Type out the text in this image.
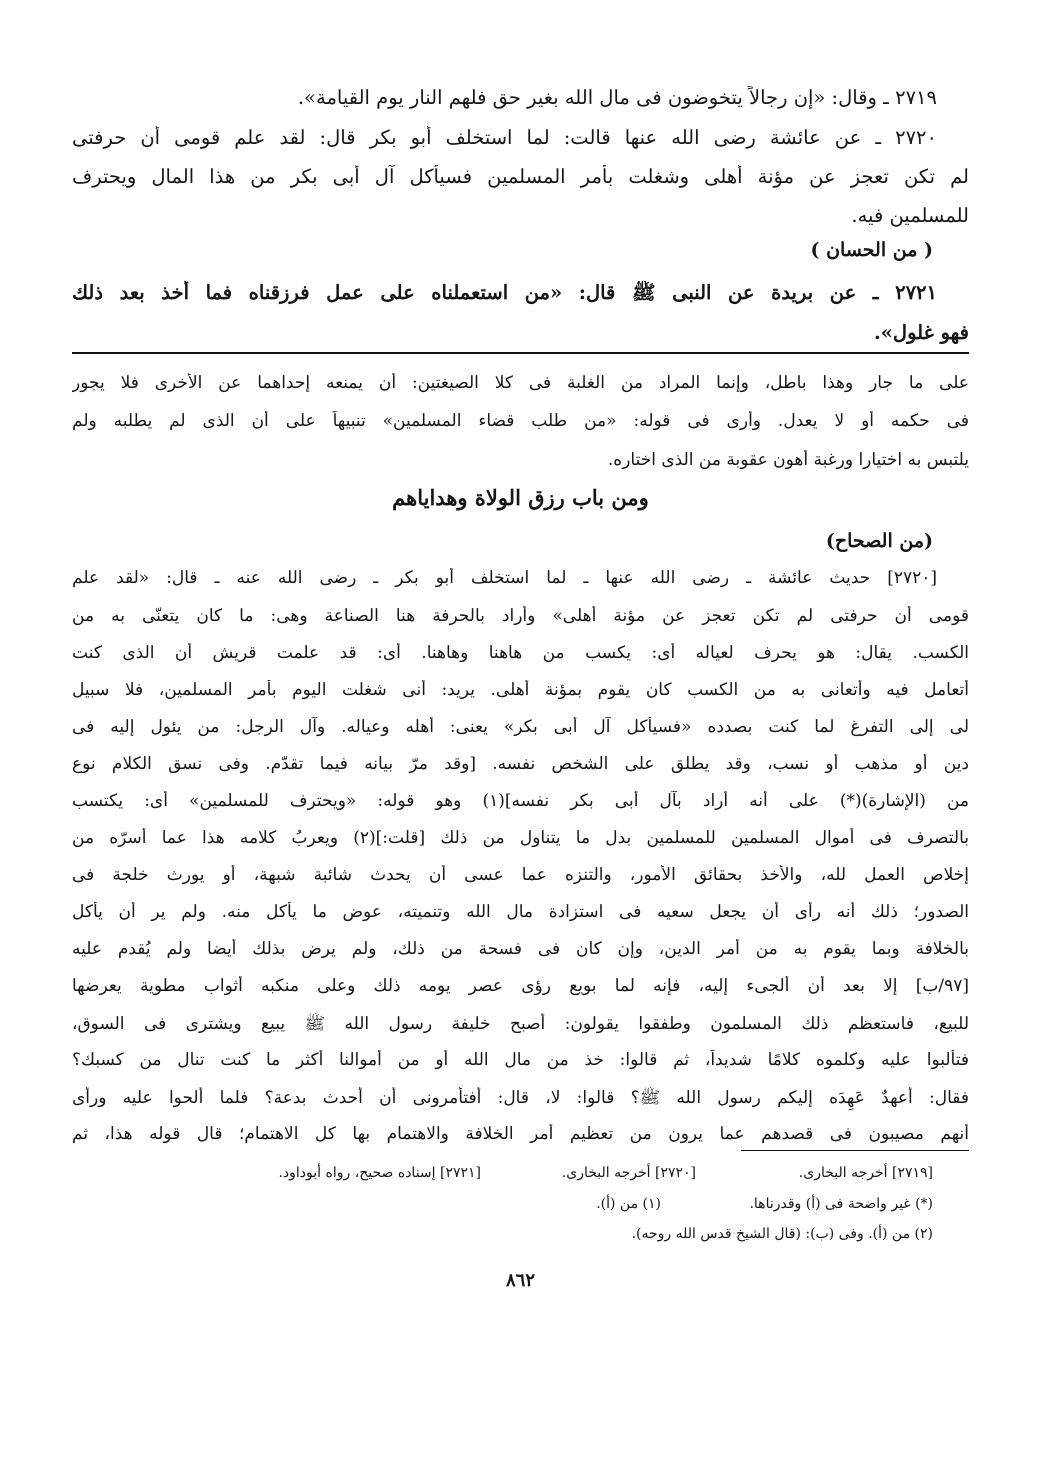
٢٧١٩ ـ وقال: «إن رجالاً يتخوضون فى مال الله بغير حق فلهم النار يوم القيامة».
٢٧٢٠ ـ عن عائشة رضى الله عنها قالت: لما استخلف أبو بكر قال: لقد علم قومى أن حرفتى
لم تكن تعجز عن مؤنة أهلى وشغلت بأمر المسلمين فسيأكل آل أبى بكر من هذا المال ويحترف
للمسلمين فيه.
( من الحسان )
٢٧٢١ ـ عن بريدة عن النبى ﷺ قال: «من استعملناه على عمل فرزقناه فما أخذ بعد ذلك
فهو غلول».
على ما جار وهذا باطل، وإنما المراد من الغلبة فى كلا الصيغتين: أن يمنعه إحداهما عن الأخرى فلا يجور
فى حكمه أو لا يعدل. وأرى فى قوله: «من طلب قضاء المسلمين» تنبيهاً على أن الذى لم يطلبه ولم
يلتبس به اختيارا ورغبة أهون عقوبة من الذى اختاره.
ومن باب رزق الولاة وهداياهم
(من الصحاح)
[٢٧٢٠] حديث عائشة ـ رضى الله عنها ـ لما استخلف أبو بكر ـ رضى الله عنه ـ قال: «لقد علم
قومى أن حرفتى لم تكن تعجز عن مؤنة أهلى» وأراد بالحرفة هنا الصناعة وهى: ما كان يتعنّى به من
الكسب. يقال: هو يحرف لعياله أى: يكسب من هاهنا وهاهنا. أى: قد علمت قريش أن الذى كنت
أتعامل فيه وأتعانى به من الكسب كان يقوم بمؤنة أهلى. يريد: أنى شغلت اليوم بأمر المسلمين، فلا سبيل
لى إلى التفرغ لما كنت بصدده «فسيأكل آل أبى بكر» يعنى: أهله وعياله. وآل الرجل: من يئول إليه فى
دين أو مذهب أو نسب، وقد يطلق على الشخص نفسه. [وقد مرّ بيانه فيما تقدّم. وفى نسق الكلام نوع
من (الإشارة)(*) على أنه أراد بآل أبى بكر نفسه](١) وهو قوله: «ويحترف للمسلمين» أى: يكتسب
بالتصرف فى أموال المسلمين للمسلمين بدل ما يتناول من ذلك [قلت:](٢) ويعربُ كلامه هذا عما أسرّه من
إخلاص العمل لله، والأخذ بحقائق الأمور، والتنزه عما عسى أن يحدث شائبة شبهة، أو يورث خلجة فى
الصدور؛ ذلك أنه رأى أن يجعل سعيه فى استزادة مال الله وتنميته، عوض ما يأكل منه. ولم ير أن يأكل
بالخلافة وبما يقوم به من أمر الدين، وإن كان فى فسحة من ذلك، ولم يرض بذلك أيضا ولم يُقدم عليه
[٩٧/ب] إلا بعد أن ألجىء إليه، فإنه لما بويع رؤى عصر يومه ذلك وعلى منكبه أثواب مطوية يعرضها
للبيع، فاستعظم ذلك المسلمون وطفقوا يقولون: أصبح خليفة رسول الله ﷺ يبيع ويشترى فى السوق،
فتألبوا عليه وكلموه كلامًا شديداً، ثم قالوا: خذ من مال الله أو من أموالنا أكثر ما كنت تنال من كسبك؟
فقال: أعهدٌ عَهِدَه إليكم رسول الله ﷺ؟ قالوا: لا، قال: أفتأمرونى أن أحدث بدعة؟ فلما ألحوا عليه ورأى
أنهم مصيبون فى قصدهم عما يرون من تعظيم أمر الخلافة والاهتمام بها كل الاهتمام؛ قال قوله هذا، ثم
[٢٧١٩] أخرجه البخارى.
[٢٧٢٠] أخرجه البخارى.
[٢٧٢١] إسناده صحيح، رواه أبوداود.
(*) غير واضحة فى (أ) وقدرناها.
(١) من (أ).
(٢) من (أ). وفى (ب): (قال الشيخ قدس الله روحه).
٨٦٢
